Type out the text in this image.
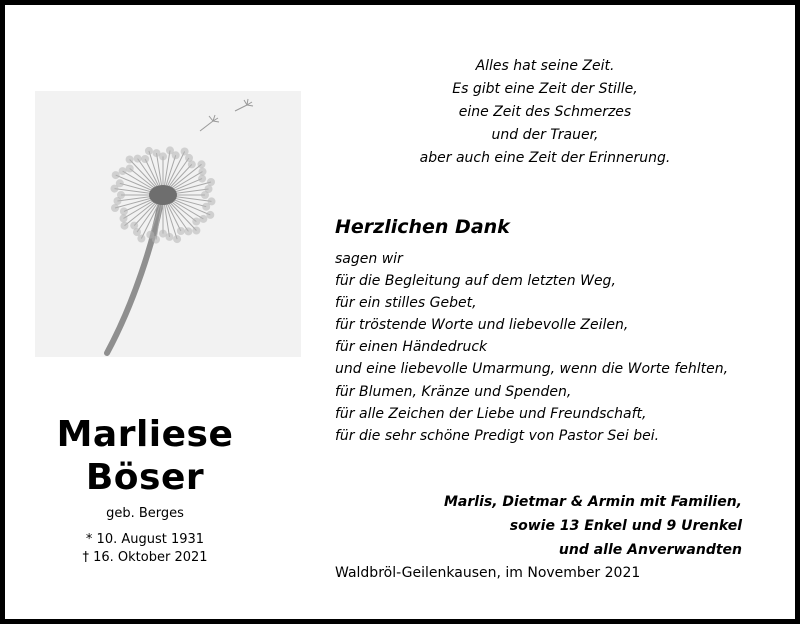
Marliese
Böser
geb. Berges
* 10. August 1931
† 16. Oktober 2021
Alles hat seine Zeit.
Es gibt eine Zeit der Stille,
eine Zeit des Schmerzes
und der Trauer,
aber auch eine Zeit der Erinnerung.
Herzlichen Dank
sagen wir
für die Begleitung auf dem letzten Weg,
für ein stilles Gebet,
für tröstende Worte und liebevolle Zeilen,
für einen Händedruck
und eine liebevolle Umarmung, wenn die Worte fehlten,
für Blumen, Kränze und Spenden,
für alle Zeichen der Liebe und Freundschaft,
für die sehr schöne Predigt von Pastor Sei bei.
Marlis, Dietmar & Armin mit Familien,
sowie 13 Enkel und 9 Urenkel
und alle Anverwandten
Waldbröl-Geilenkausen, im November 2021
